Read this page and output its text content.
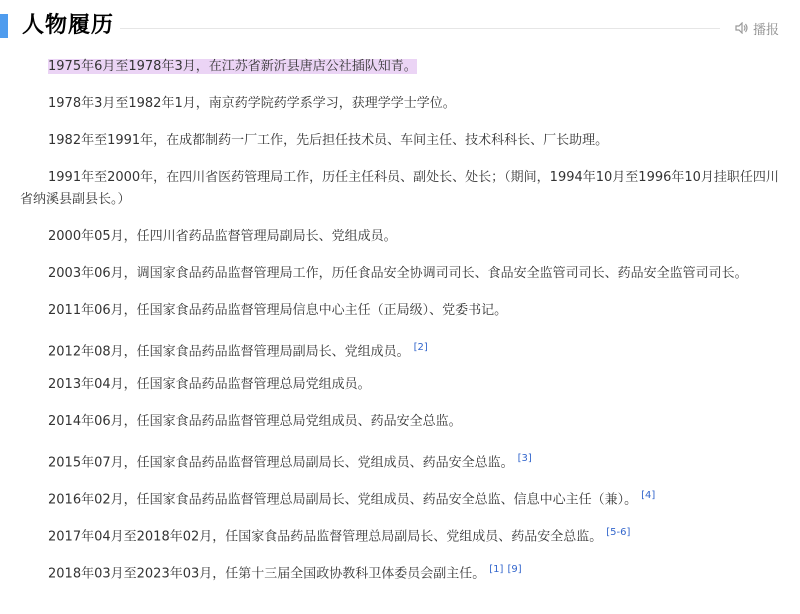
人物履历	播报
1975年6月至1978年3月，在江苏省新沂县唐店公社插队知青。
1978年3月至1982年1月，南京药学院药学系学习，获理学学士学位。
1982年至1991年，在成都制药一厂工作，先后担任技术员、车间主任、技术科科长、厂长助理。
1991年至2000年，在四川省医药管理局工作，历任主任科员、副处长、处长；（期间，1994年10月至1996年10月挂职任四川省纳溪县副县长。）
2000年05月，任四川省药品监督管理局副局长、党组成员。
2003年06月，调国家食品药品监督管理局工作，历任食品安全协调司司长、食品安全监管司司长、药品安全监管司司长。
2011年06月，任国家食品药品监督管理局信息中心主任（正局级）、党委书记。
2012年08月，任国家食品药品监督管理局副局长、党组成员。 [2]
2013年04月，任国家食品药品监督管理总局党组成员。
2014年06月，任国家食品药品监督管理总局党组成员、药品安全总监。
2015年07月，任国家食品药品监督管理总局副局长、党组成员、药品安全总监。 [3]
2016年02月，任国家食品药品监督管理总局副局长、党组成员、药品安全总监、信息中心主任（兼）。 [4]
2017年04月至2018年02月，任国家食品药品监督管理总局副局长、党组成员、药品安全总监。 [5-6]
2018年03月至2023年03月，任第十三届全国政协教科卫体委员会副主任。 [1] [9]
